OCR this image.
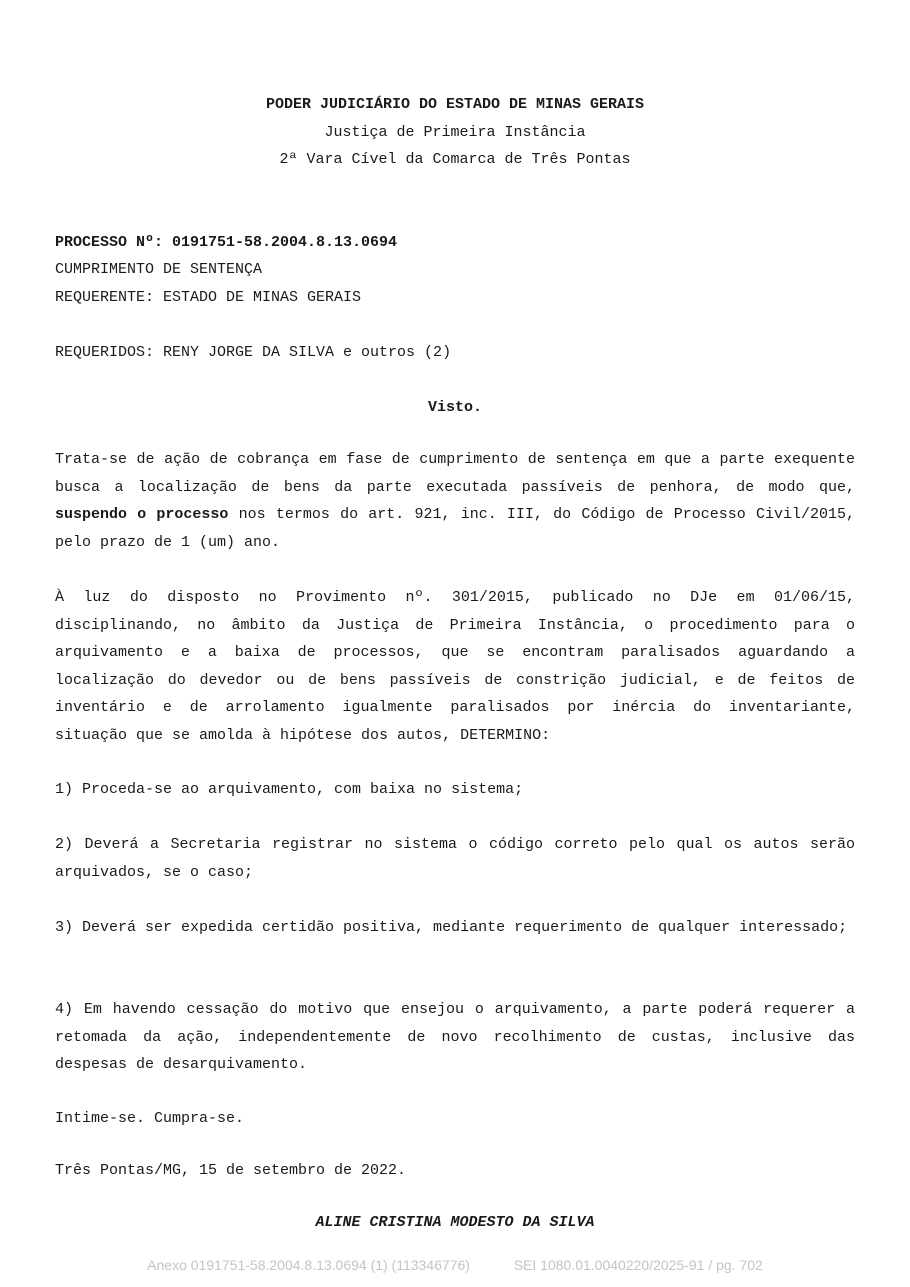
PODER JUDICIÁRIO DO ESTADO DE MINAS GERAIS
Justiça de Primeira Instância
2ª Vara Cível da Comarca de Três Pontas
PROCESSO Nº: 0191751-58.2004.8.13.0694
CUMPRIMENTO DE SENTENÇA
REQUERENTE: ESTADO DE MINAS GERAIS
REQUERIDOS: RENY JORGE DA SILVA e outros (2)
Visto.
Trata-se de ação de cobrança em fase de cumprimento de sentença em que a parte exequente busca a localização de bens da parte executada passíveis de penhora, de modo que, suspendo o processo nos termos do art. 921, inc. III, do Código de Processo Civil/2015, pelo prazo de 1 (um) ano.
À luz do disposto no Provimento nº. 301/2015, publicado no DJe em 01/06/15, disciplinando, no âmbito da Justiça de Primeira Instância, o procedimento para o arquivamento e a baixa de processos, que se encontram paralisados aguardando a localização do devedor ou de bens passíveis de constrição judicial, e de feitos de inventário e de arrolamento igualmente paralisados por inércia do inventariante, situação que se amolda à hipótese dos autos, DETERMINO:
1) Proceda-se ao arquivamento, com baixa no sistema;
2) Deverá a Secretaria registrar no sistema o código correto pelo qual os autos serão arquivados, se o caso;
3) Deverá ser expedida certidão positiva, mediante requerimento de qualquer interessado;
4) Em havendo cessação do motivo que ensejou o arquivamento, a parte poderá requerer a retomada da ação, independentemente de novo recolhimento de custas, inclusive das despesas de desarquivamento.
Intime-se. Cumpra-se.
Três Pontas/MG, 15 de setembro de 2022.
ALINE CRISTINA MODESTO DA SILVA
Anexo 0191751-58.2004.8.13.0694 (1) (113346776)	SEI 1080.01.0040220/2025-91 / pg. 702
